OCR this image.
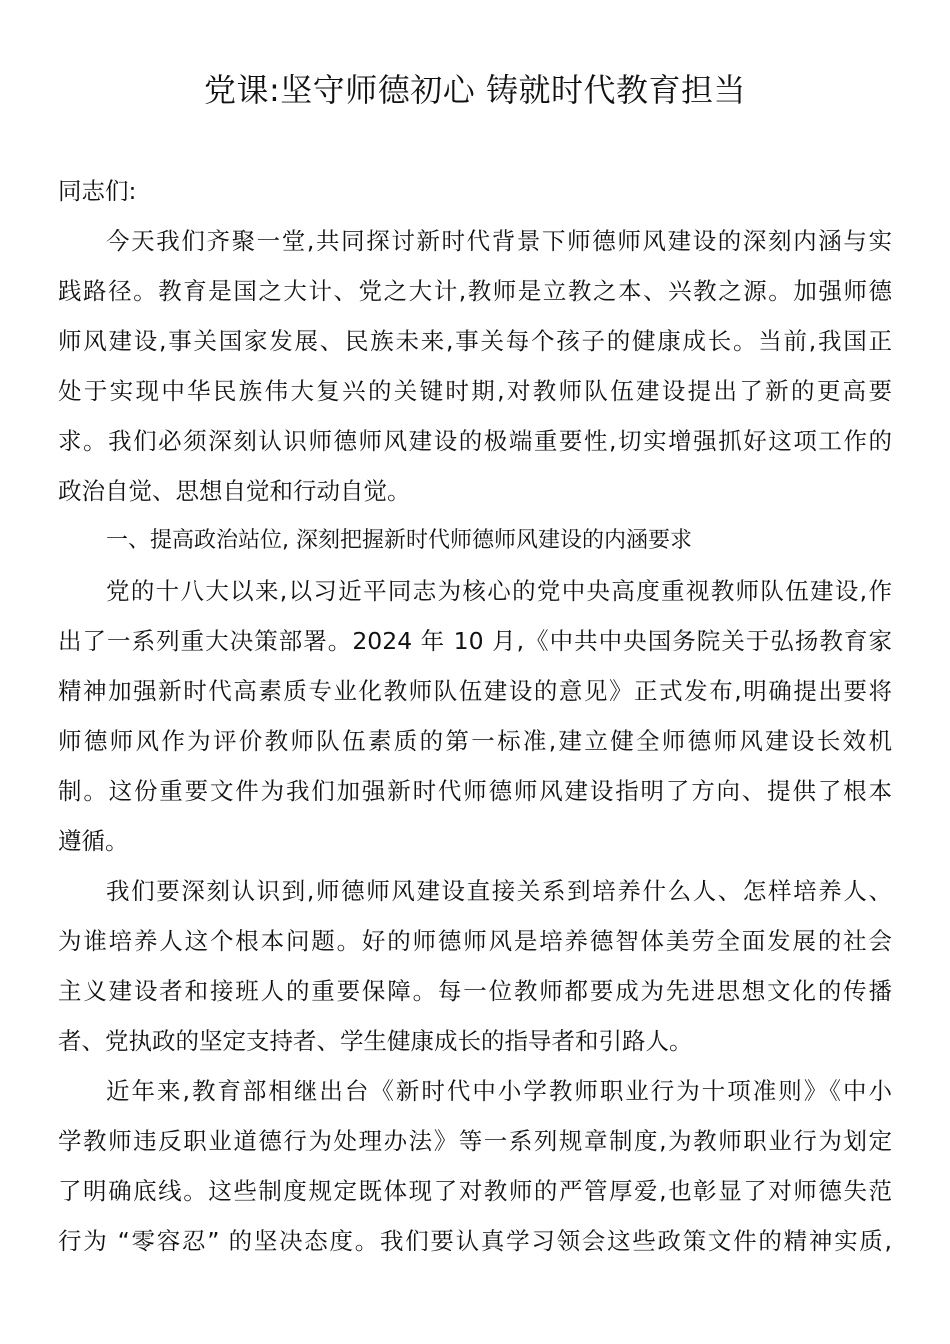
党课:坚守师德初心 铸就时代教育担当
同志们:
今天我们齐聚一堂,共同探讨新时代背景下师德师风建设的深刻内涵与实
践路径。教育是国之大计、党之大计,教师是立教之本、兴教之源。加强师德
师风建设,事关国家发展、民族未来,事关每个孩子的健康成长。当前,我国正
处于实现中华民族伟大复兴的关键时期,对教师队伍建设提出了新的更高要
求。我们必须深刻认识师德师风建设的极端重要性,切实增强抓好这项工作的
政治自觉、思想自觉和行动自觉。
一、提高政治站位, 深刻把握新时代师德师风建设的内涵要求
党的十八大以来,以习近平同志为核心的党中央高度重视教师队伍建设,作
出了一系列重大决策部署。2024 年 10 月,《中共中央国务院关于弘扬教育家
精神加强新时代高素质专业化教师队伍建设的意见》正式发布,明确提出要将
师德师风作为评价教师队伍素质的第一标准,建立健全师德师风建设长效机
制。这份重要文件为我们加强新时代师德师风建设指明了方向、提供了根本
遵循。
我们要深刻认识到,师德师风建设直接关系到培养什么人、怎样培养人、
为谁培养人这个根本问题。好的师德师风是培养德智体美劳全面发展的社会
主义建设者和接班人的重要保障。每一位教师都要成为先进思想文化的传播
者、党执政的坚定支持者、学生健康成长的指导者和引路人。
近年来,教育部相继出台《新时代中小学教师职业行为十项准则》《中小
学教师违反职业道德行为处理办法》等一系列规章制度,为教师职业行为划定
了明确底线。这些制度规定既体现了对教师的严管厚爱,也彰显了对师德失范
行为 “零容忍” 的坚决态度。我们要认真学习领会这些政策文件的精神实质,
